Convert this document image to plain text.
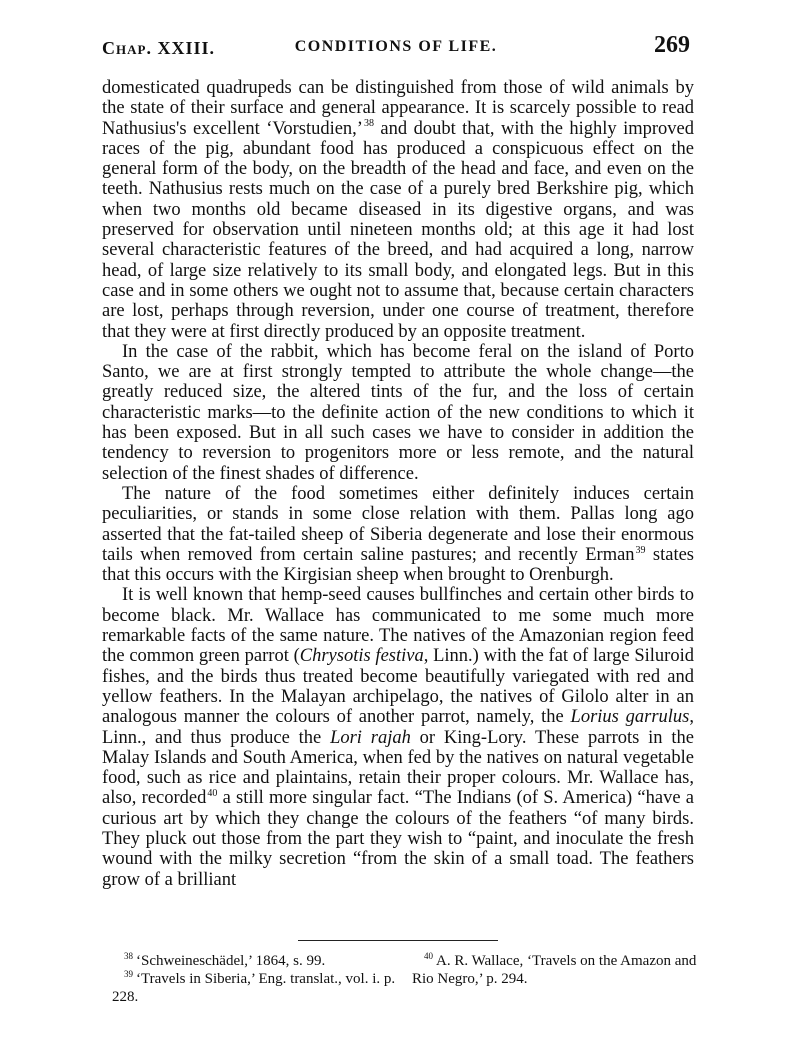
Chap. XXIII.	CONDITIONS OF LIFE.	269

domesticated quadrupeds can be distinguished from those of wild animals by the state of their surface and general appearance. It is scarcely possible to read Nathusius's excellent ‘Vorstudien,’$^{38}$ and doubt that, with the highly improved races of the pig, abundant food has produced a conspicuous effect on the general form of the body, on the breadth of the head and face, and even on the teeth. Nathusius rests much on the case of a purely bred Berkshire pig, which when two months old became diseased in its digestive organs, and was preserved for observation until nineteen months old; at this age it had lost several characteristic features of the breed, and had acquired a long, narrow head, of large size relatively to its small body, and elongated legs. But in this case and in some others we ought not to assume that, because certain characters are lost, perhaps through reversion, under one course of treatment, therefore that they were at first directly produced by an opposite treatment.

In the case of the rabbit, which has become feral on the island of Porto Santo, we are at first strongly tempted to attribute the whole change—the greatly reduced size, the altered tints of the fur, and the loss of certain characteristic marks—to the definite action of the new conditions to which it has been exposed. But in all such cases we have to consider in addition the tendency to reversion to progenitors more or less remote, and the natural selection of the finest shades of difference.

The nature of the food sometimes either definitely induces certain peculiarities, or stands in some close relation with them. Pallas long ago asserted that the fat-tailed sheep of Siberia degenerate and lose their enormous tails when removed from certain saline pastures; and recently Erman$^{39}$ states that this occurs with the Kirgisian sheep when brought to Orenburgh.

It is well known that hemp-seed causes bullfinches and certain other birds to become black. Mr. Wallace has communicated to me some much more remarkable facts of the same nature. The natives of the Amazonian region feed the common green parrot (Chrysotis festiva, Linn.) with the fat of large Siluroid fishes, and the birds thus treated become beautifully variegated with red and yellow feathers. In the Malayan archipelago, the natives of Gilolo alter in an analogous manner the colours of another parrot, namely, the Lorius garrulus, Linn., and thus produce the Lori rajah or King-Lory. These parrots in the Malay Islands and South America, when fed by the natives on natural vegetable food, such as rice and plaintains, retain their proper colours. Mr. Wallace has, also, recorded$^{40}$ a still more singular fact. “The Indians (of S. America) “have a curious art by which they change the colours of the feathers “of many birds. They pluck out those from the part they wish to “paint, and inoculate the fresh wound with the milky secretion “from the skin of a small toad. The feathers grow of a brilliant

$^{38}$ ‘Schweineschädel,’ 1864, s. 99.

$^{39}$ ‘Travels in Siberia,’ Eng. translat., vol. i. p. 228.

$^{40}$ A. R. Wallace, ‘Travels on the Amazon and Rio Negro,’ p. 294.
